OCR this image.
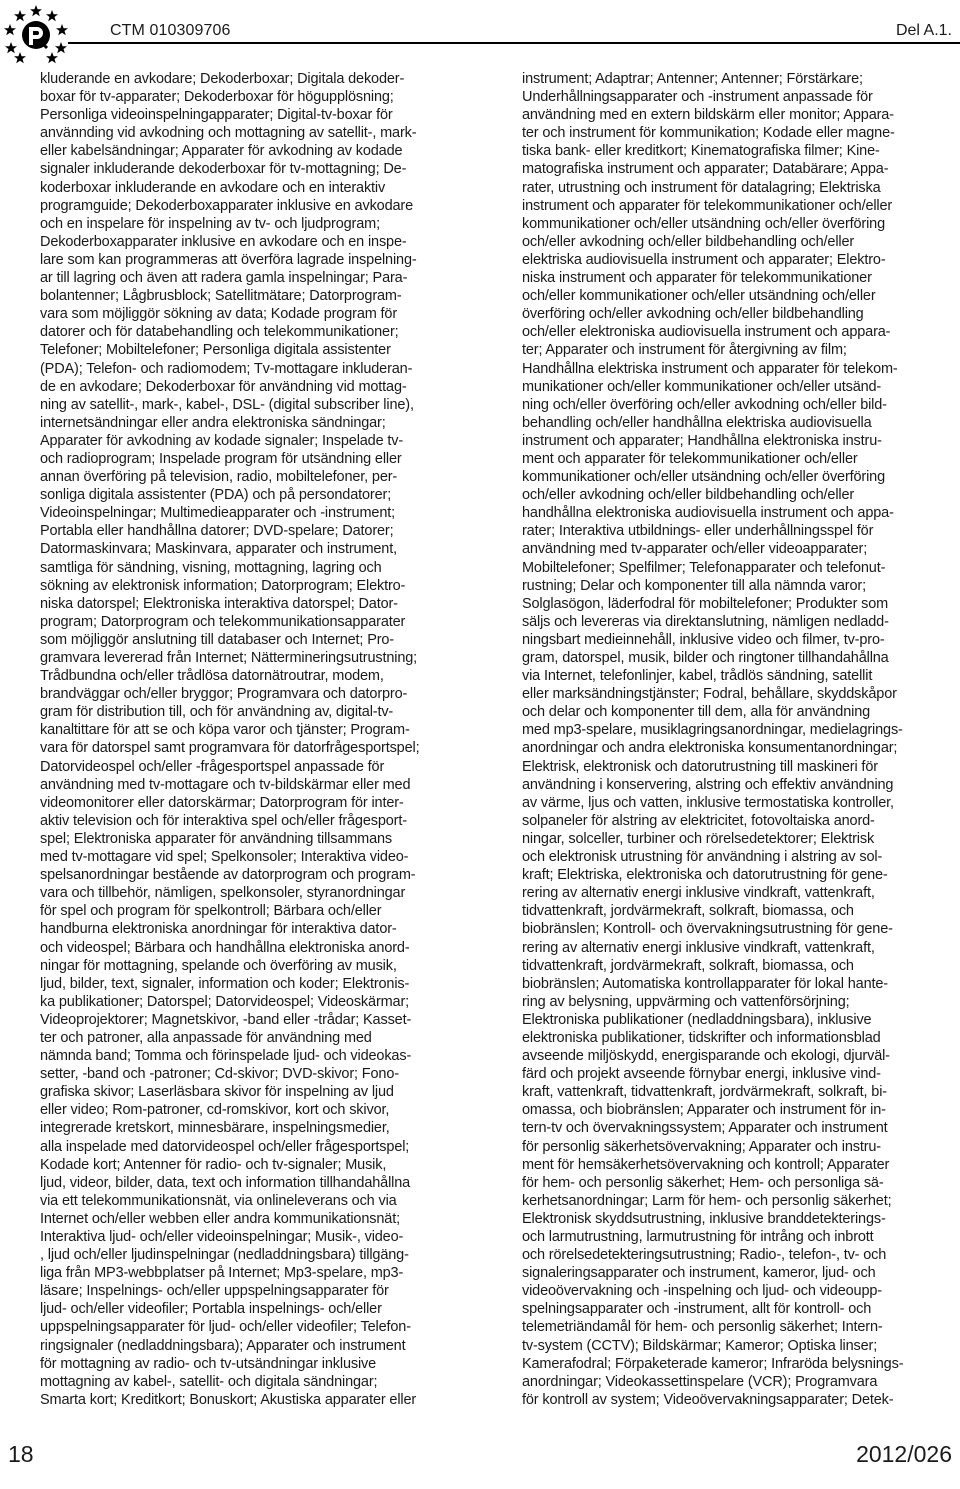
CTM 010309706	Del A.1.
kluderande en avkodare; Dekoderboxar; Digitala dekoder-
boxar för tv-apparater; Dekoderboxar för högupplösning;
Personliga videoinspelningapparater; Digital-tv-boxar för
använnding vid avkodning och mottagning av satellit-, mark-
eller kabelsändningar; Apparater för avkodning av kodade
signaler inkluderande dekoderboxar för tv-mottagning; De-
koderboxar inkluderande en avkodare och en interaktiv
programguide; Dekoderboxapparater inklusive en avkodare
och en inspelare för inspelning av tv- och ljudprogram;
Dekoderboxapparater inklusive en avkodare och en inspe-
lare som kan programmeras att överföra lagrade inspelning-
ar till lagring och även att radera gamla inspelningar; Para-
bolantenner; Lågbrusblock; Satellitmätare; Datorprogram-
vara som möjliggör sökning av data; Kodade program för
datorer och för databehandling och telekommunikationer;
Telefoner; Mobiltelefoner; Personliga digitala assistenter
(PDA); Telefon- och radiomodem; Tv-mottagare inkluderan-
de en avkodare; Dekoderboxar för användning vid mottag-
ning av satellit-, mark-, kabel-, DSL- (digital subscriber line),
internetsändningar eller andra elektroniska sändningar;
Apparater för avkodning av kodade signaler; Inspelade tv-
och radioprogram; Inspelade program för utsändning eller
annan överföring på television, radio, mobiltelefoner, per-
sonliga digitala assistenter (PDA) och på persondatorer;
Videoinspelningar; Multimedieapparater och -instrument;
Portabla eller handhållna datorer; DVD-spelare; Datorer;
Datormaskinvara; Maskinvara, apparater och instrument,
samtliga för sändning, visning, mottagning, lagring och
sökning av elektronisk information; Datorprogram; Elektro-
niska datorspel; Elektroniska interaktiva datorspel; Dator-
program; Datorprogram och telekommunikationsapparater
som möjliggör anslutning till databaser och Internet; Pro-
gramvara levererad från Internet; Nättermineringsutrustning;
Trådbundna och/eller trådlösa datornätroutrar, modem,
brandväggar och/eller bryggor; Programvara och datorpro-
gram för distribution till, och för användning av, digital-tv-
kanaltittare för att se och köpa varor och tjänster; Program-
vara för datorspel samt programvara för datorfrågesportspel;
Datorvideospel och/eller -frågesportspel anpassade för
användning med tv-mottagare och tv-bildskärmar eller med
videomonitorer eller datorskärmar; Datorprogram för inter-
aktiv television och för interaktiva spel och/eller frågesport-
spel; Elektroniska apparater för användning tillsammans
med tv-mottagare vid spel; Spelkonsoler; Interaktiva video-
spelsanordningar bestående av datorprogram och program-
vara och tillbehör, nämligen, spelkonsoler, styranordningar
för spel och program för spelkontroll; Bärbara och/eller
handburna elektroniska anordningar för interaktiva dator-
och videospel; Bärbara och handhållna elektroniska anord-
ningar för mottagning, spelande och överföring av musik,
ljud, bilder, text, signaler, information och koder; Elektronis-
ka publikationer; Datorspel; Datorvideospel; Videoskärmar;
Videoprojektorer; Magnetskivor, -band eller -trådar; Kasset-
ter och patroner, alla anpassade för användning med
nämnda band; Tomma och förinspelade ljud- och videokas-
setter, -band och -patroner; Cd-skivor; DVD-skivor; Fono-
grafiska skivor; Laserläsbara skivor för inspelning av ljud
eller video; Rom-patroner, cd-romskivor, kort och skivor,
integrerade kretskort, minnesbärare, inspelningsmedier,
alla inspelade med datorvideospel och/eller frågesportspel;
Kodade kort; Antenner för radio- och tv-signaler; Musik,
ljud, videor, bilder, data, text och information tillhandahållna
via ett telekommunikationsnät, via onlineleverans och via
Internet och/eller webben eller andra kommunikationsnät;
Interaktiva ljud- och/eller videoinspelningar; Musik-, video-
, ljud och/eller ljudinspelningar (nedladdningsbara) tillgäng-
liga från MP3-webbplatser på Internet; Mp3-spelare, mp3-
läsare; Inspelnings- och/eller uppspelningsapparater för
ljud- och/eller videofiler; Portabla inspelnings- och/eller
uppspelningsapparater för ljud- och/eller videofiler; Telefon-
ringsignaler (nedladdningsbara); Apparater och instrument
för mottagning av radio- och tv-utsändningar inklusive
mottagning av kabel-, satellit- och digitala sändningar;
Smarta kort; Kreditkort; Bonuskort; Akustiska apparater eller
instrument; Adaptrar; Antenner; Antenner; Förstärkare;
Underhållningsapparater och -instrument anpassade för
användning med en extern bildskärm eller monitor; Appara-
ter och instrument för kommunikation; Kodade eller magne-
tiska bank- eller kreditkort; Kinematografiska filmer; Kine-
matografiska instrument och apparater; Databärare; Appa-
rater, utrustning och instrument för datalagring; Elektriska
instrument och apparater för telekommunikationer och/eller
kommunikationer och/eller utsändning och/eller överföring
och/eller avkodning och/eller bildbehandling och/eller
elektriska audiovisuella instrument och apparater; Elektro-
niska instrument och apparater för telekommunikationer
och/eller kommunikationer och/eller utsändning och/eller
överföring och/eller avkodning och/eller bildbehandling
och/eller elektroniska audiovisuella instrument och appara-
ter; Apparater och instrument för återgivning av film;
Handhållna elektriska instrument och apparater för telekom-
munikationer och/eller kommunikationer och/eller utsänd-
ning och/eller överföring och/eller avkodning och/eller bild-
behandling och/eller handhållna elektriska audiovisuella
instrument och apparater; Handhållna elektroniska instru-
ment och apparater för telekommunikationer och/eller
kommunikationer och/eller utsändning och/eller överföring
och/eller avkodning och/eller bildbehandling och/eller
handhållna elektroniska audiovisuella instrument och appa-
rater; Interaktiva utbildnings- eller underhållningsspel för
användning med tv-apparater och/eller videoapparater;
Mobiltelefoner; Spelfilmer; Telefonapparater och telefonut-
rustning; Delar och komponenter till alla nämnda varor;
Solglasögon, läderfodral för mobiltelefoner; Produkter som
säljs och levereras via direktanslutning, nämligen nedladd-
ningsbart medieinnehåll, inklusive video och filmer, tv-pro-
gram, datorspel, musik, bilder och ringtoner tillhandahållna
via Internet, telefonlinjer, kabel, trådlös sändning, satellit
eller marksändningstjänster; Fodral, behållare, skyddskåpor
och delar och komponenter till dem, alla för användning
med mp3-spelare, musiklagringsanordningar, medielagrings-
anordningar och andra elektroniska konsumentanordningar;
Elektrisk, elektronisk och datorutrustning till maskineri för
användning i konservering, alstring och effektiv användning
av värme, ljus och vatten, inklusive termostatiska kontroller,
solpaneler för alstring av elektricitet, fotovoltaiska anord-
ningar, solceller, turbiner och rörelsedetektorer; Elektrisk
och elektronisk utrustning för användning i alstring av sol-
kraft; Elektriska, elektroniska och datorutrustning för gene-
rering av alternativ energi inklusive vindkraft, vattenkraft,
tidvattenkraft, jordvärmekraft, solkraft, biomassa, och
biobränslen; Kontroll- och övervakningsutrustning för gene-
rering av alternativ energi inklusive vindkraft, vattenkraft,
tidvattenkraft, jordvärmekraft, solkraft, biomassa, och
biobränslen; Automatiska kontrollapparater för lokal hante-
ring av belysning, uppvärming och vattenförsörjning;
Elektroniska publikationer (nedladdningsbara), inklusive
elektroniska publikationer, tidskrifter och informationsblad
avseende miljöskydd, energisparande och ekologi, djurväl-
färd och projekt avseende förnybar energi, inklusive vind-
kraft, vattenkraft, tidvattenkraft, jordvärmekraft, solkraft, bi-
omassa, och biobränslen; Apparater och instrument för in-
tern-tv och övervakningssystem; Apparater och instrument
för personlig säkerhetsövervakning; Apparater och instru-
ment för hemsäkerhetsövervakning och kontroll; Apparater
för hem- och personlig säkerhet; Hem- och personliga sä-
kerhetsanordningar; Larm för hem- och personlig säkerhet;
Elektronisk skyddsutrustning, inklusive branddetekterings-
och larmutrustning, larmutrustning för intrång och inbrott
och rörelsedetekteringsutrustning; Radio-, telefon-, tv- och
signaleringsapparater och instrument, kameror, ljud- och
videoövervakning och -inspelning och ljud- och videoupp-
spelningsapparater och -instrument, allt för kontroll- och
telemetriändamål för hem- och personlig säkerhet; Intern-
tv-system (CCTV); Bildskärmar; Kameror; Optiska linser;
Kamerafodral; Förpaketerade kameror; Infraröda belysnings-
anordningar; Videokassettinspelare (VCR); Programvara
för kontroll av system; Videoövervakningsapparater; Detek-
18	2012/026
